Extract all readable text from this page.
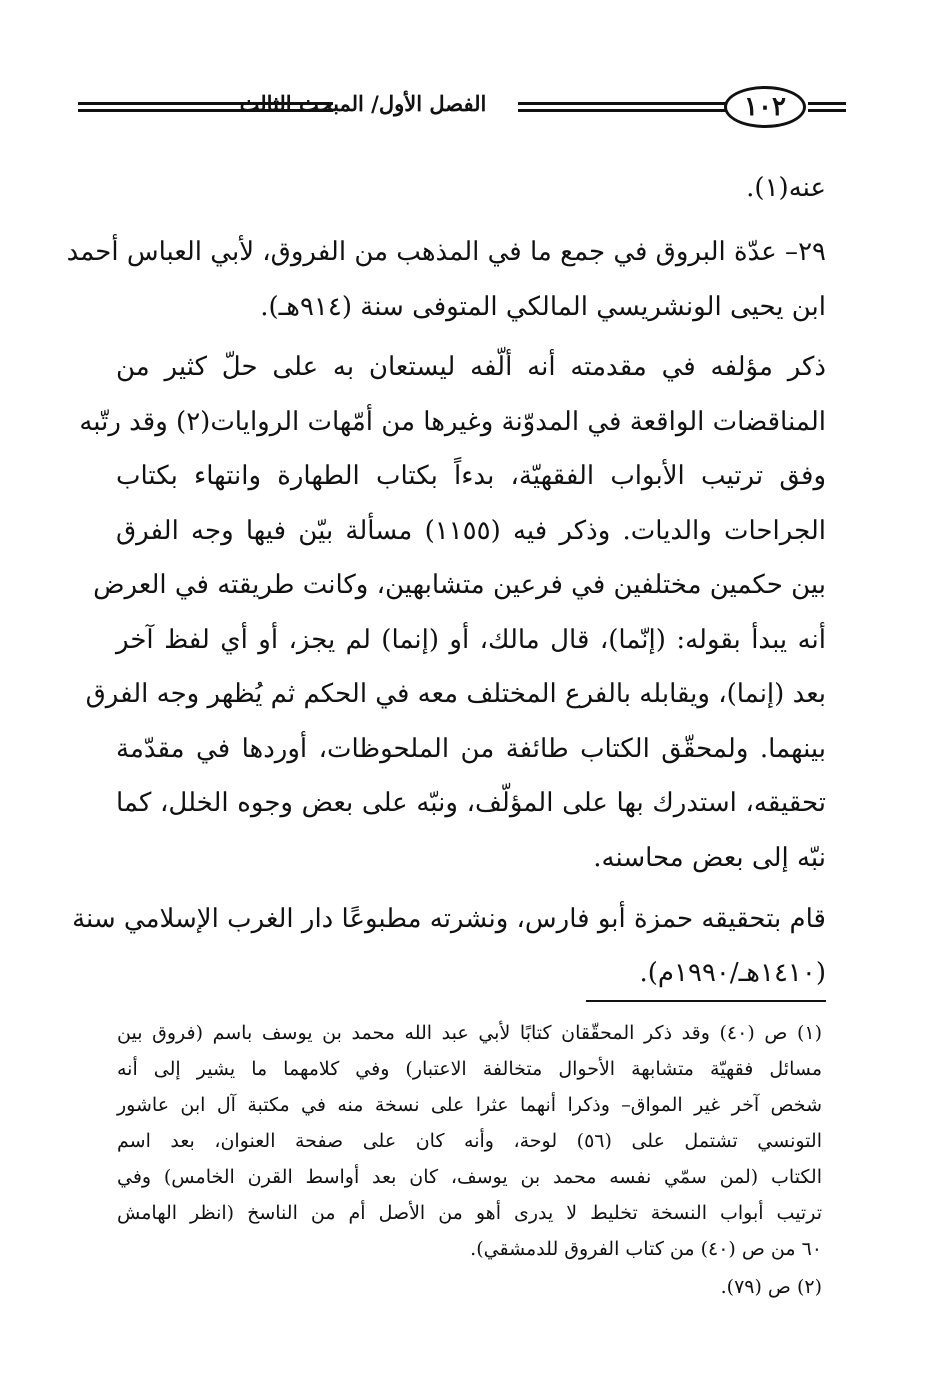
الفصل الأول/ المبحث الثالث	١٠٢
عنه(١).
٢٩– عدّة البروق في جمع ما في المذهب من الفروق، لأبي العباس أحمد
ابن يحيى الونشريسي المالكي المتوفى سنة (٩١٤هـ).
ذكر مؤلفه في مقدمته أنه ألّفه ليستعان به على حلّ كثير من
المناقضات الواقعة في المدوّنة وغيرها من أمّهات الروايات(٢) وقد رتّبه
وفق ترتيب الأبواب الفقهيّة، بدءاً بكتاب الطهارة وانتهاء بكتاب
الجراحات والديات. وذكر فيه (١١٥٥) مسألة بيّن فيها وجه الفرق
بين حكمين مختلفين في فرعين متشابهين، وكانت طريقته في العرض
أنه يبدأ بقوله: (إنّما)، قال مالك، أو (إنما) لم يجز، أو أي لفظ آخر
بعد (إنما)، ويقابله بالفرع المختلف معه في الحكم ثم يُظهر وجه الفرق
بينهما. ولمحقّق الكتاب طائفة من الملحوظات، أوردها في مقدّمة
تحقيقه، استدرك بها على المؤلّف، ونبّه على بعض وجوه الخلل، كما
نبّه إلى بعض محاسنه.
قام بتحقيقه حمزة أبو فارس، ونشرته مطبوعًا دار الغرب الإسلامي سنة
(١٤١٠هـ/١٩٩٠م).
(١) ص (٤٠) وقد ذكر المحقّقان كتابًا لأبي عبد الله محمد بن يوسف باسم (فروق بين
مسائل فقهيّة متشابهة الأحوال متخالفة الاعتبار) وفي كلامهما ما يشير إلى أنه
شخص آخر غير المواق– وذكرا أنهما عثرا على نسخة منه في مكتبة آل ابن عاشور
التونسي تشتمل على (٥٦) لوحة، وأنه كان على صفحة العنوان، بعد اسم
الكتاب (لمن سمّي نفسه محمد بن يوسف، كان بعد أواسط القرن الخامس) وفي
ترتيب أبواب النسخة تخليط لا يدرى أهو من الأصل أم من الناسخ (انظر الهامش
٦٠ من ص (٤٠) من كتاب الفروق للدمشقي).
(٢) ص (٧٩).
